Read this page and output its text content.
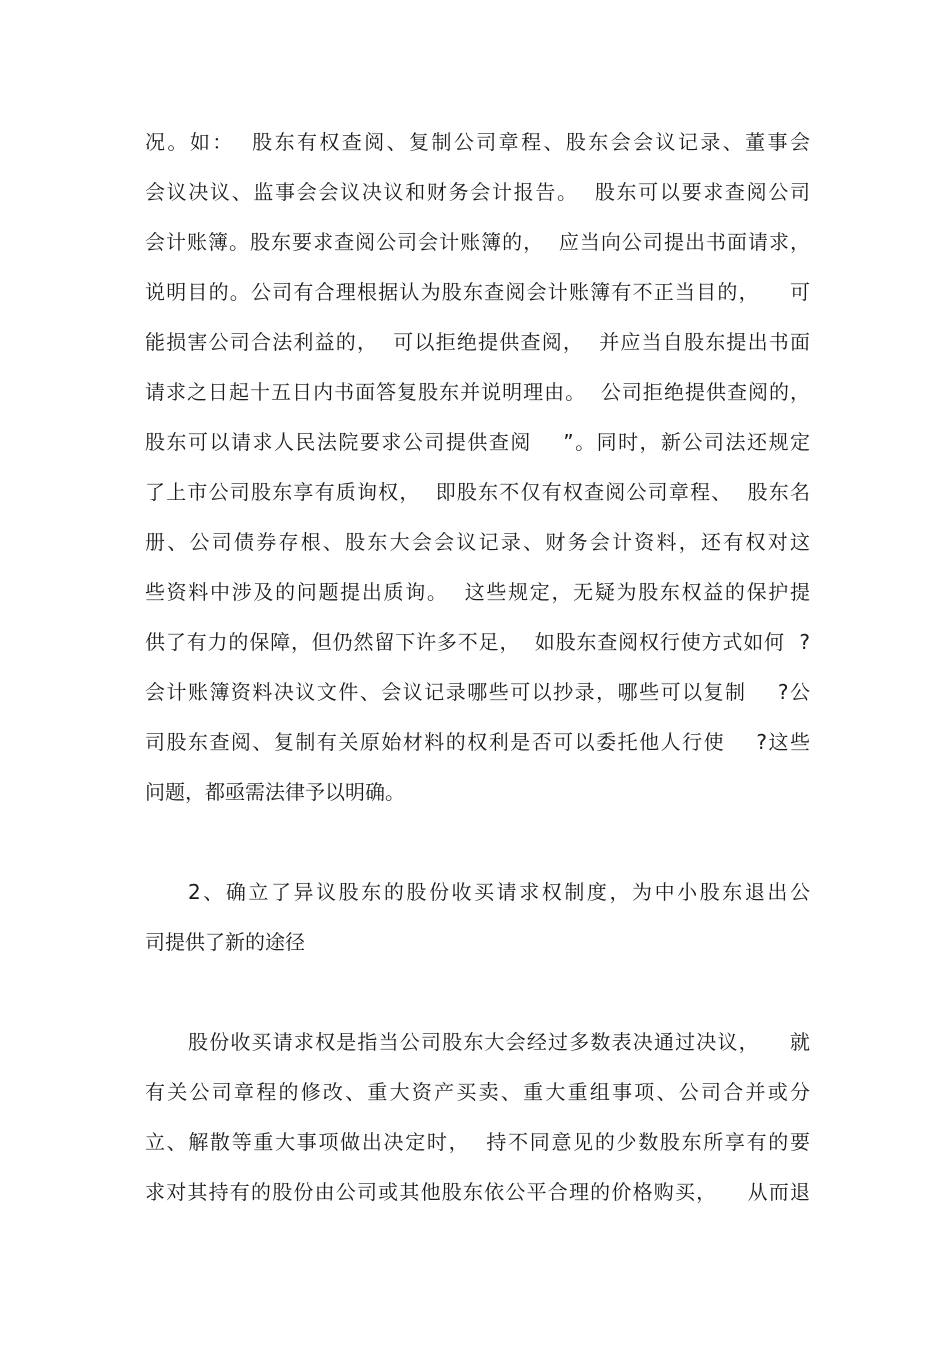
况。如：  股东有权查阅、复制公司章程、股东会会议记录、董事会
会议决议、监事会会议决议和财务会计报告。  股东可以要求查阅公司
会计账簿。股东要求查阅公司会计账簿的，  应当向公司提出书面请求，
说明目的。公司有合理根据认为股东查阅会计账簿有不正当目的，    可
能损害公司合法利益的，  可以拒绝提供查阅，  并应当自股东提出书面
请求之日起十五日内书面答复股东并说明理由。  公司拒绝提供查阅的，
股东可以请求人民法院要求公司提供查阅    ”。同时，新公司法还规定
了上市公司股东享有质询权，  即股东不仅有权查阅公司章程、  股东名
册、公司债券存根、股东大会会议记录、财务会计资料，还有权对这
些资料中涉及的问题提出质询。  这些规定，无疑为股东权益的保护提
供了有力的保障，但仍然留下许多不足，  如股东查阅权行使方式如何  ?
会计账簿资料决议文件、会议记录哪些可以抄录，哪些可以复制    ?公
司股东查阅、复制有关原始材料的权利是否可以委托他人行使    ?这些
问题，都亟需法律予以明确。
2、确立了异议股东的股份收买请求权制度，为中小股东退出公
司提供了新的途径
股份收买请求权是指当公司股东大会经过多数表决通过决议，    就
有关公司章程的修改、重大资产买卖、重大重组事项、公司合并或分
立、解散等重大事项做出决定时，  持不同意见的少数股东所享有的要
求对其持有的股份由公司或其他股东依公平合理的价格购买，    从而退
